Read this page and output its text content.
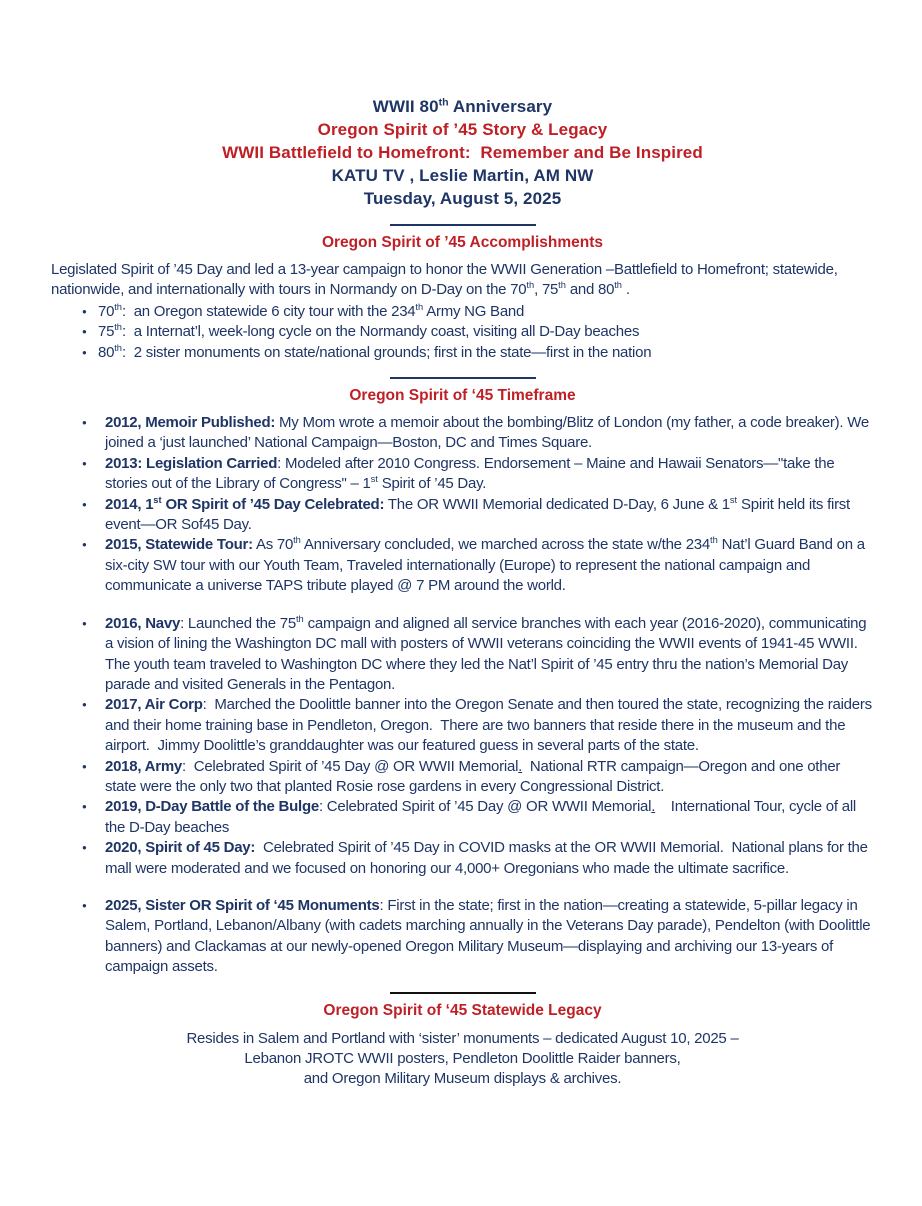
WWII 80th Anniversary
Oregon Spirit of ’45 Story & Legacy
WWII Battlefield to Homefront:  Remember and Be Inspired
KATU TV , Leslie Martin, AM NW
Tuesday, August 5, 2025
Oregon Spirit of ’45 Accomplishments
Legislated Spirit of ’45 Day and led a 13-year campaign to honor the WWII Generation –Battlefield to Homefront; statewide, nationwide, and internationally with tours in Normandy on D-Day on the 70th, 75th and 80th .
● 70th:  an Oregon statewide 6 city tour with the 234th Army NG Band
● 75th:  a Internat’l, week-long cycle on the Normandy coast, visiting all D-Day beaches
● 80th:  2 sister monuments on state/national grounds; first in the state—first in the nation
Oregon Spirit of ‘45 Timeframe
● 2012, Memoir Published: My Mom wrote a memoir about the bombing/Blitz of London (my father, a code breaker). We joined a ‘just launched’ National Campaign—Boston, DC and Times Square.
● 2013: Legislation Carried: Modeled after 2010 Congress. Endorsement – Maine and Hawaii Senators—"take the stories out of the Library of Congress" – 1st Spirit of ’45 Day.
● 2014, 1st OR Spirit of ’45 Day Celebrated: The OR WWII Memorial dedicated D-Day, 6 June & 1st Spirit held its first event—OR Sof45 Day.
● 2015, Statewide Tour: As 70th Anniversary concluded, we marched across the state w/the 234th Nat’l Guard Band on a six-city SW tour with our Youth Team, Traveled internationally (Europe) to represent the national campaign and communicate a universe TAPS tribute played @ 7 PM around the world.
● 2016, Navy: Launched the 75th campaign and aligned all service branches with each year (2016-2020), communicating a vision of lining the Washington DC mall with posters of WWII veterans coinciding the WWII events of 1941-45 WWII.  The youth team traveled to Washington DC where they led the Nat’l Spirit of ’45 entry thru the nation’s Memorial Day parade and visited Generals in the Pentagon.
● 2017, Air Corp:  Marched the Doolittle banner into the Oregon Senate and then toured the state, recognizing the raiders and their home training base in Pendleton, Oregon.  There are two banners that reside there in the museum and the airport.  Jimmy Doolittle’s granddaughter was our featured guess in several parts of the state.
● 2018, Army:  Celebrated Spirit of ’45 Day @ OR WWII Memorial.  National RTR campaign—Oregon and one other state were the only two that planted Rosie rose gardens in every Congressional District.
● 2019, D-Day Battle of the Bulge: Celebrated Spirit of ’45 Day @ OR WWII Memorial.    International Tour, cycle of all the D-Day beaches
● 2020, Spirit of 45 Day:  Celebrated Spirit of ’45 Day in COVID masks at the OR WWII Memorial.  National plans for the mall were moderated and we focused on honoring our 4,000+ Oregonians who made the ultimate sacrifice.
● 2025, Sister OR Spirit of ‘45 Monuments: First in the state; first in the nation—creating a statewide, 5-pillar legacy in Salem, Portland, Lebanon/Albany (with cadets marching annually in the Veterans Day parade), Pendelton (with Doolittle banners) and Clackamas at our newly-opened Oregon Military Museum—displaying and archiving our 13-years of campaign assets.
Oregon Spirit of ‘45 Statewide Legacy
Resides in Salem and Portland with ‘sister’ monuments – dedicated August 10, 2025 –
Lebanon JROTC WWII posters, Pendleton Doolittle Raider banners,
and Oregon Military Museum displays & archives.
